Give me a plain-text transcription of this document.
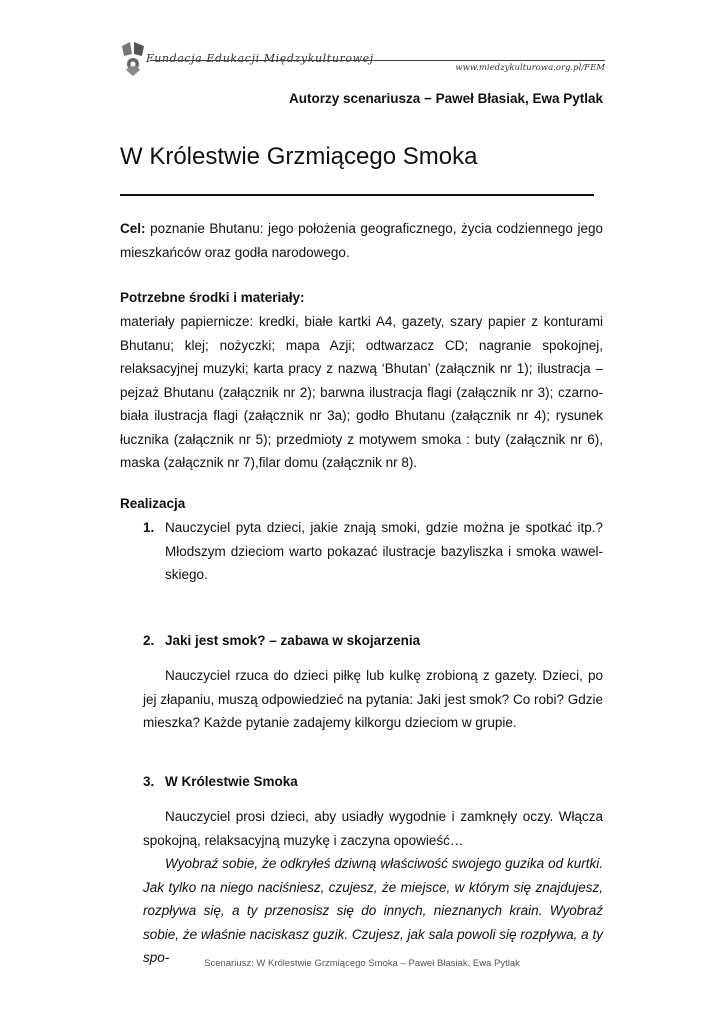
Fundacja Edukacji Międzykulturowej
www.miedzykulturowa.org.pl/FEM
Autorzy scenariusza − Paweł Błasiak, Ewa Pytlak
W Królestwie Grzmiącego Smoka
Cel: poznanie Bhutanu: jego położenia geograficznego, życia codziennego jego mieszkańców oraz godła narodowego.
Potrzebne środki i materiały:
materiały papiernicze: kredki, białe kartki A4, gazety, szary papier z konturami Bhutanu; klej; nożyczki; mapa Azji; odtwarzacz CD; nagranie spokojnej, relaksacyjnej muzyki; karta pracy z nazwą ‘Bhutan’ (załącznik nr 1); ilustracja – pejzaż Bhutanu (załącznik nr 2); barwna ilustracja flagi (załącznik nr 3); czarno-biała ilustracja flagi (załącznik nr 3a); godło Bhutanu (załącznik nr 4); rysunek łucznika (załącznik nr 5); przedmioty z motywem smoka : buty (załącznik nr 6), maska (załącznik nr 7),filar domu (załącznik nr 8).
Realizacja
1. Nauczyciel pyta dzieci, jakie znają smoki, gdzie można je spotkać itp.? Młodszym dzieciom warto pokazać ilustracje bazyliszka i smoka wawel-skiego.
2. Jaki jest smok? – zabawa w skojarzenia
Nauczyciel rzuca do dzieci piłkę lub kulkę zrobioną z gazety. Dzieci, po jej złapaniu, muszą odpowiedzieć na pytania: Jaki jest smok? Co robi? Gdzie mieszka? Każde pytanie zadajemy kilkorgu dzieciom w grupie.
3. W Królestwie Smoka
Nauczyciel prosi dzieci, aby usiadły wygodnie i zamknęły oczy. Włącza spokojną, relaksacyjną muzykę i zaczyna opowieść…
Wyobraź sobie, że odkryłeś dziwną właściwość swojego guzika od kurtki. Jak tylko na niego naciśniesz, czujesz, że miejsce, w którym się znajdujesz, rozpływa się, a ty przenosisz się do innych, nieznanych krain. Wyobraź sobie, że właśnie naciskasz guzik. Czujesz, jak sala powoli się rozpływa, a ty spo-	Scenariusz: W Królestwie Grzmiącego Smoka – Paweł Błasiak, Ewa Pytlak
